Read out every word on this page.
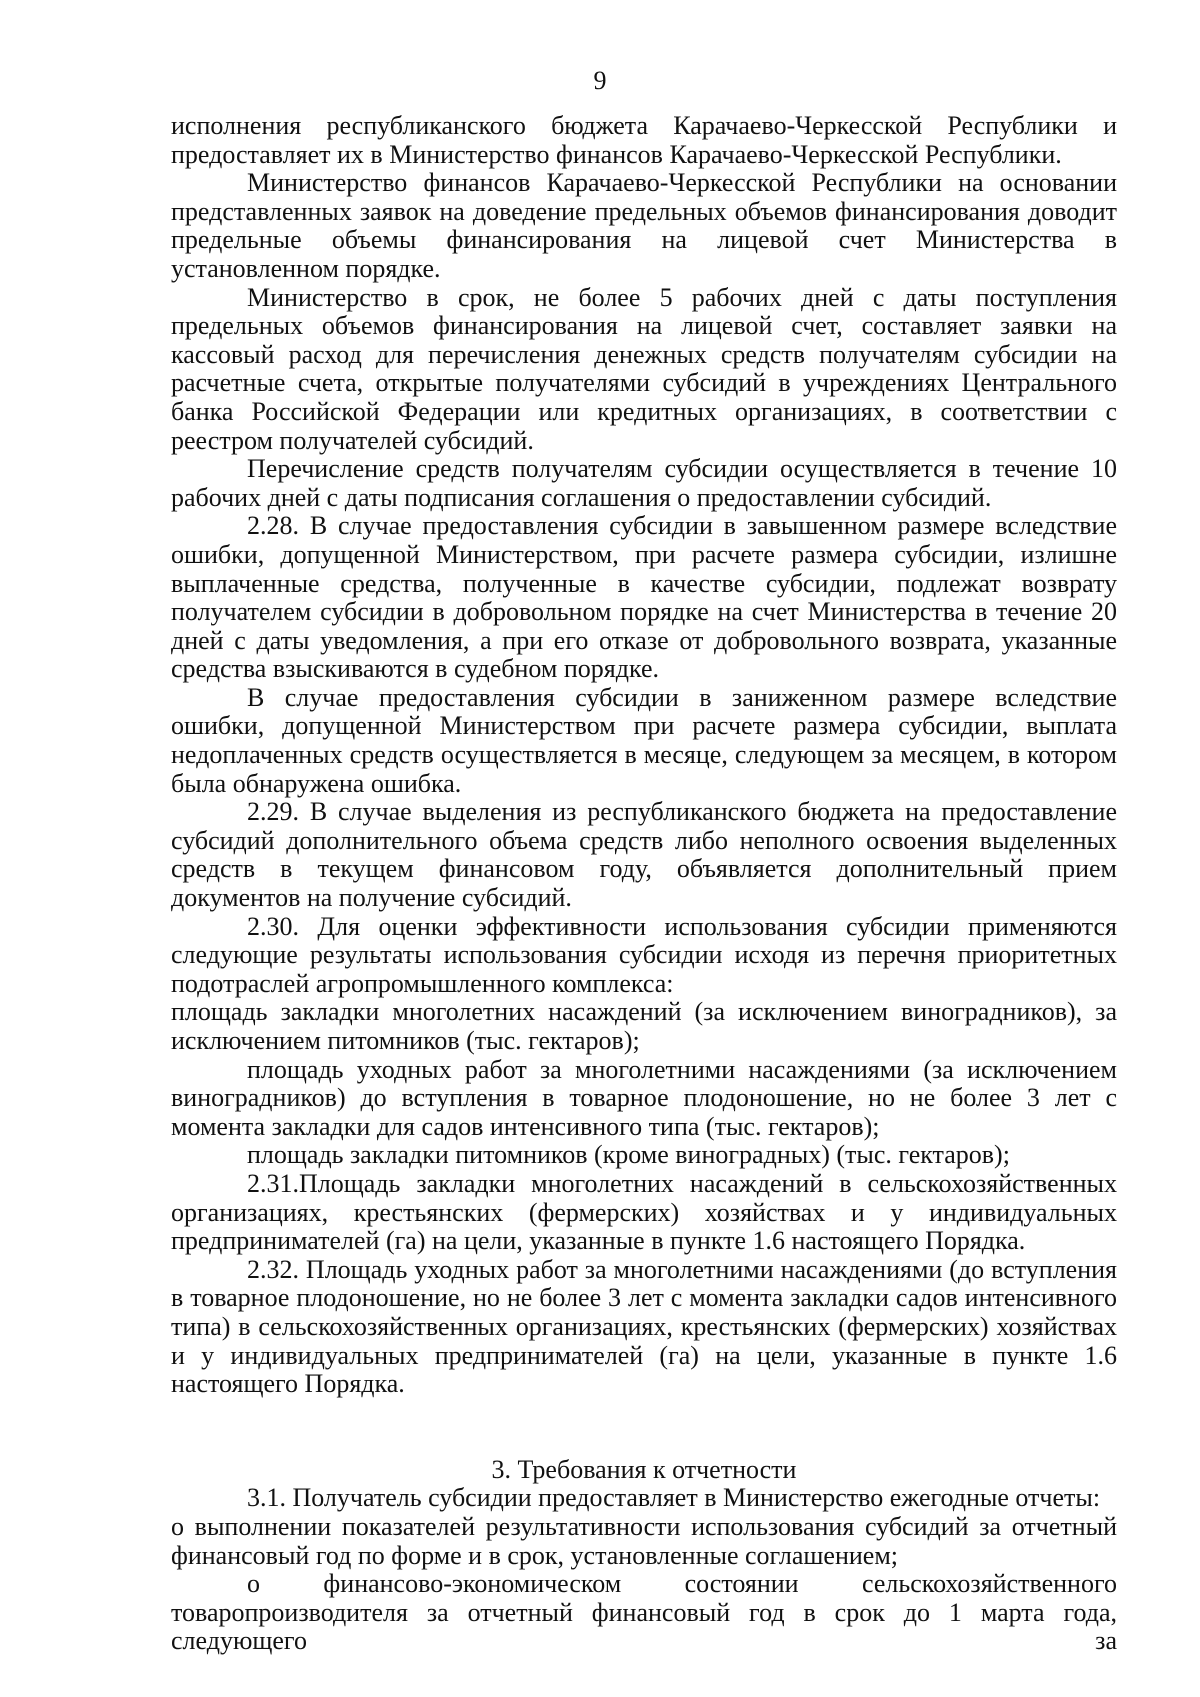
9

исполнения республиканского бюджета Карачаево-Черкесской Республики и предоставляет их в Министерство финансов Карачаево-Черкесской Республики.

Министерство финансов Карачаево-Черкесской Республики на основании представленных заявок на доведение предельных объемов финансирования доводит предельные объемы финансирования на лицевой счет Министерства в установленном порядке.

Министерство в срок, не более 5 рабочих дней с даты поступления предельных объемов финансирования на лицевой счет, составляет заявки на кассовый расход для перечисления денежных средств получателям субсидии на расчетные счета, открытые получателями субсидий в учреждениях Центрального банка Российской Федерации или кредитных организациях, в соответствии с реестром получателей субсидий.

Перечисление средств получателям субсидии осуществляется в течение 10 рабочих дней с даты подписания соглашения о предоставлении субсидий.

2.28. В случае предоставления субсидии в завышенном размере вследствие ошибки, допущенной Министерством, при расчете размера субсидии, излишне выплаченные средства, полученные в качестве субсидии, подлежат возврату получателем субсидии в добровольном порядке на счет Министерства в течение 20 дней с даты уведомления, а при его отказе от добровольного возврата, указанные средства взыскиваются в судебном порядке.

В случае предоставления субсидии в заниженном размере вследствие ошибки, допущенной Министерством при расчете размера субсидии, выплата недоплаченных средств осуществляется в месяце, следующем за месяцем, в котором была обнаружена ошибка.

2.29. В случае выделения из республиканского бюджета на предоставление субсидий дополнительного объема средств либо неполного освоения выделенных средств в текущем финансовом году, объявляется дополнительный прием документов на получение субсидий.

2.30. Для оценки эффективности использования субсидии применяются следующие результаты использования субсидии исходя из перечня приоритетных подотраслей агропромышленного комплекса:

площадь закладки многолетних насаждений (за исключением виноградников), за исключением питомников (тыс. гектаров);

площадь уходных работ за многолетними насаждениями (за исключением виноградников) до вступления в товарное плодоношение, но не более 3 лет с момента закладки для садов интенсивного типа (тыс. гектаров);

площадь закладки питомников (кроме виноградных) (тыс. гектаров);

2.31.Площадь закладки многолетних насаждений в сельскохозяйственных организациях, крестьянских (фермерских) хозяйствах и у индивидуальных предпринимателей (га) на цели, указанные в пункте 1.6 настоящего Порядка.

2.32. Площадь уходных работ за многолетними насаждениями (до вступления в товарное плодоношение, но не более 3 лет с момента закладки садов интенсивного типа) в сельскохозяйственных организациях, крестьянских (фермерских) хозяйствах и у индивидуальных предпринимателей (га) на цели, указанные в пункте 1.6 настоящего Порядка.

3. Требования к отчетности

3.1. Получатель субсидии предоставляет в Министерство ежегодные отчеты:

о выполнении показателей результативности использования субсидий за отчетный финансовый год по форме и в срок, установленные соглашением;

о финансово-экономическом состоянии сельскохозяйственного товаропроизводителя за отчетный финансовый год в срок до 1 марта года, следующего за
